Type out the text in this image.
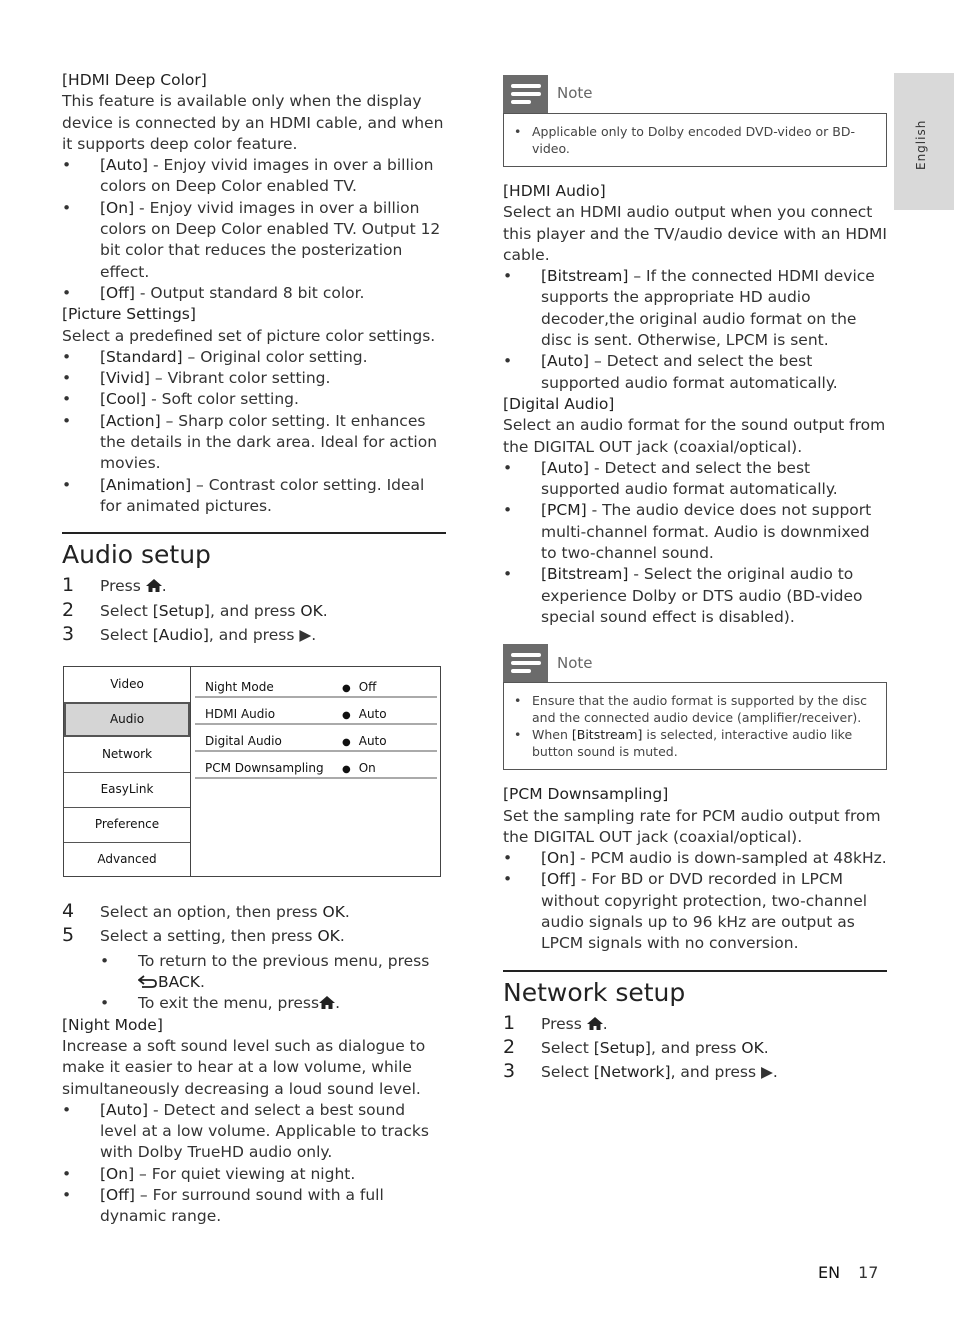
English

[HDMI Deep Color]

This feature is available only when the display device is connected by an HDMI cable, and when it supports deep color feature.

• [Auto] - Enjoy vivid images in over a billion colors on Deep Color enabled TV.

• [On] - Enjoy vivid images in over a billion colors on Deep Color enabled TV. Output 12 bit color that reduces the posterization effect.

• [Off] - Output standard 8 bit color.

[Picture Settings]

Select a predefined set of picture color settings.

• [Standard] – Original color setting.

• [Vivid] – Vibrant color setting.

• [Cool] - Soft color setting.

• [Action] – Sharp color setting. It enhances the details in the dark area. Ideal for action movies.

• [Animation] – Contrast color setting. Ideal for animated pictures.

Audio setup

1 Press .

2 Select [Setup], and press OK.

3 Select [Audio], and press ▶.

Video
Audio
Network
EasyLink
Preference
Advanced
Night Mode	● Off
HDMI Audio	● Auto
Digital Audio	● Auto
PCM Downsampling	● On

4 Select an option, then press OK.

5 Select a setting, then press OK.

• To return to the previous menu, press
BACK.

• To exit the menu, press .

[Night Mode]

Increase a soft sound level such as dialogue to make it easier to hear at a low volume, while simultaneously decreasing a loud sound level.

• [Auto] - Detect and select a best sound level at a low volume. Applicable to tracks with Dolby TrueHD audio only.

• [On] – For quiet viewing at night.

• [Off] – For surround sound with a full dynamic range.

Note
• Applicable only to Dolby encoded DVD-video or BD-video.

[HDMI Audio]

Select an HDMI audio output when you connect this player and the TV/audio device with an HDMI cable.

• [Bitstream] – If the connected HDMI device supports the appropriate HD audio decoder,the original audio format on the disc is sent. Otherwise, LPCM is sent.

• [Auto] – Detect and select the best supported audio format automatically.

[Digital Audio]

Select an audio format for the sound output from the DIGITAL OUT jack (coaxial/optical).

• [Auto] - Detect and select the best supported audio format automatically.

• [PCM] - The audio device does not support multi-channel format. Audio is downmixed to two-channel sound.

• [Bitstream] - Select the original audio to experience Dolby or DTS audio (BD-video special sound effect is disabled).

Note
• Ensure that the audio format is supported by the disc and the connected audio device (amplifier/receiver).
• When [Bitstream] is selected, interactive audio like button sound is muted.

[PCM Downsampling]

Set the sampling rate for PCM audio output from the DIGITAL OUT jack (coaxial/optical).

• [On] - PCM audio is down-sampled at 48kHz.

• [Off] - For BD or DVD recorded in LPCM without copyright protection, two-channel audio signals up to 96 kHz are output as LPCM signals with no conversion.

Network setup

1 Press .

2 Select [Setup], and press OK.

3 Select [Network], and press ▶.

EN 17
